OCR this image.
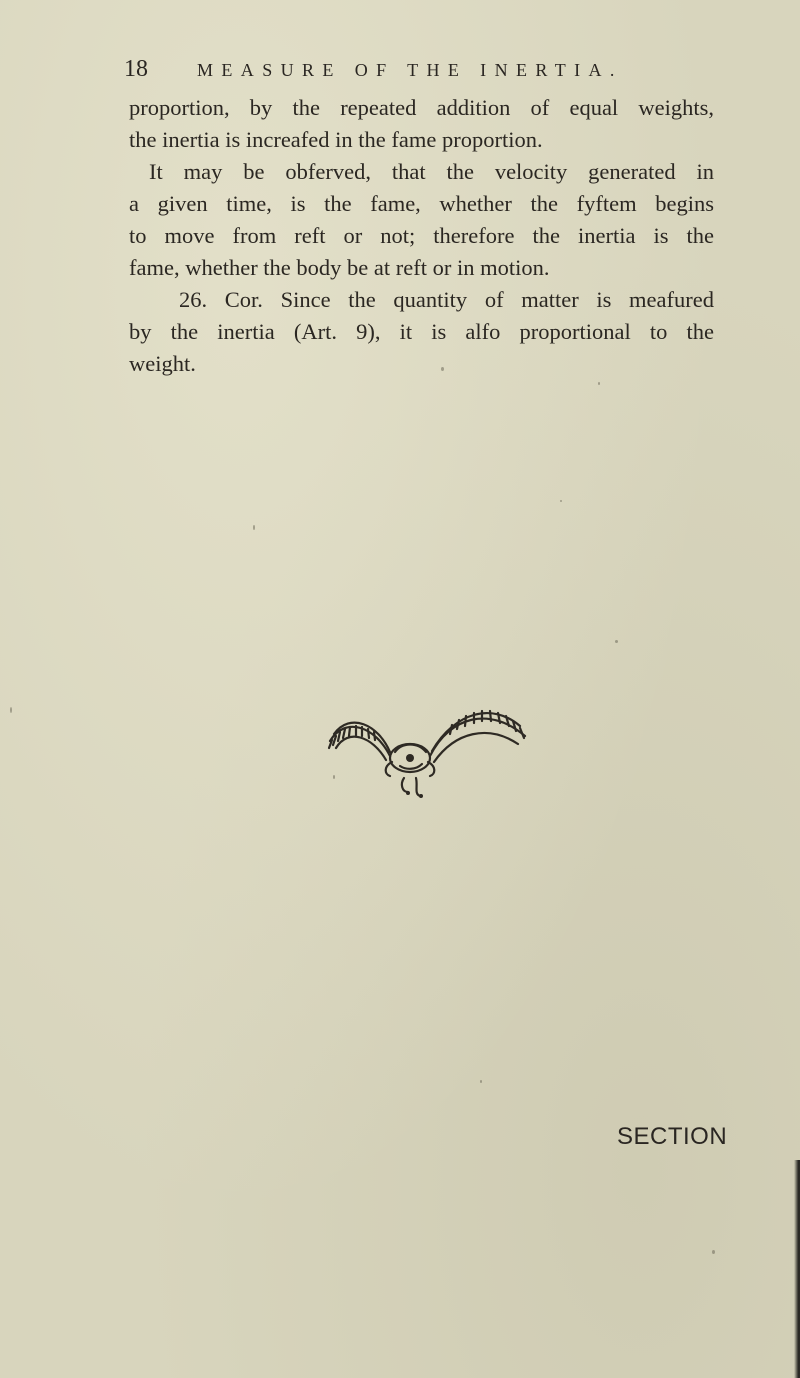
18	MEASURE OF THE INERTIA.
proportion, by the repeated addition of equal weights,
the inertia is increafed in the fame proportion.
It may be obferved, that the velocity generated in
a given time, is the fame, whether the fyftem begins
to move from reft or not; therefore the inertia is the
fame, whether the body be at reft or in motion.
26. Cor. Since the quantity of matter is meafured
by the inertia (Art. 9), it is alfo proportional to the
weight.
SECTION
